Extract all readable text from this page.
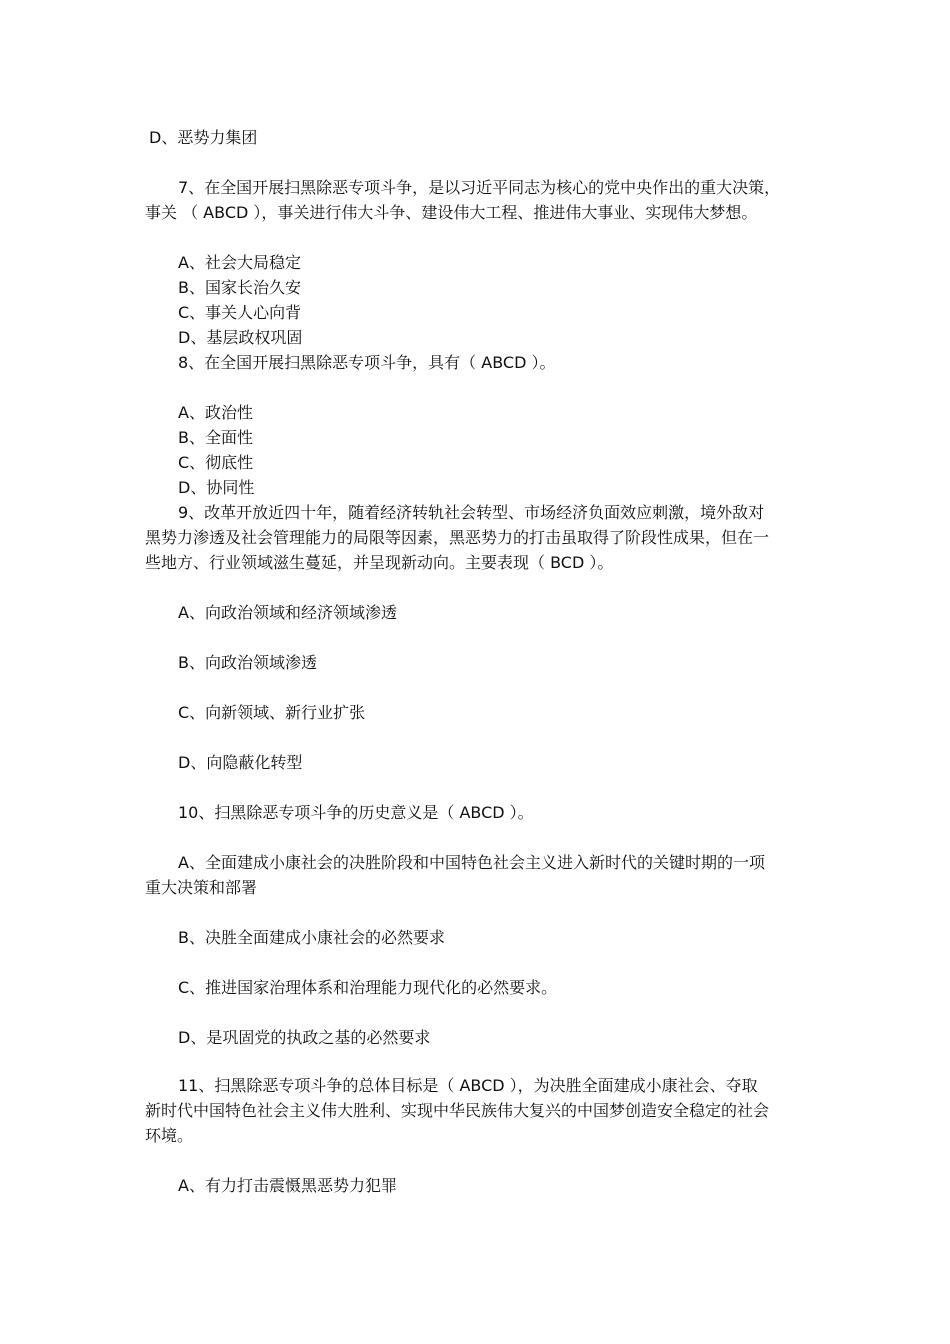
D、恶势力集团
7、在全国开展扫黑除恶专项斗争，是以习近平同志为核心的党中央作出的重大决策，
事关 （ ABCD ），事关进行伟大斗争、建设伟大工程、推进伟大事业、实现伟大梦想。
A、社会大局稳定
B、国家长治久安
C、事关人心向背
D、基层政权巩固
8、在全国开展扫黑除恶专项斗争，具有（ ABCD ）。
A、政治性
B、全面性
C、彻底性
D、协同性
9、改革开放近四十年，随着经济转轨社会转型、市场经济负面效应刺激，境外敌对
黑势力渗透及社会管理能力的局限等因素，黑恶势力的打击虽取得了阶段性成果，但在一
些地方、行业领域滋生蔓延，并呈现新动向。主要表现（ BCD ）。
A、向政治领域和经济领域渗透
B、向政治领域渗透
C、向新领域、新行业扩张
D、向隐蔽化转型
10、扫黑除恶专项斗争的历史意义是（ ABCD ）。
A、全面建成小康社会的决胜阶段和中国特色社会主义进入新时代的关键时期的一项
重大决策和部署
B、决胜全面建成小康社会的必然要求
C、推进国家治理体系和治理能力现代化的必然要求。
D、是巩固党的执政之基的必然要求
11、扫黑除恶专项斗争的总体目标是（ ABCD ），为决胜全面建成小康社会、夺取
新时代中国特色社会主义伟大胜利、实现中华民族伟大复兴的中国梦创造安全稳定的社会
环境。
A、有力打击震慑黑恶势力犯罪
